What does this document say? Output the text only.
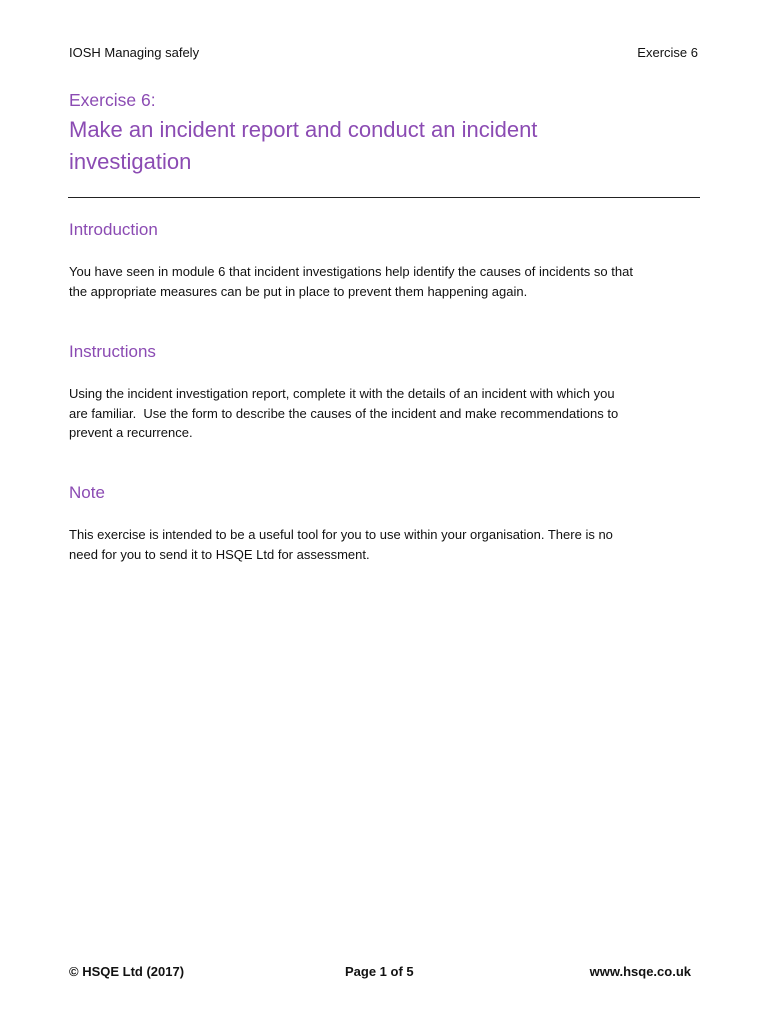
IOSH Managing safely	Exercise 6
Exercise 6:
Make an incident report and conduct an incident investigation
Introduction

You have seen in module 6 that incident investigations help identify the causes of incidents so that
the appropriate measures can be put in place to prevent them happening again.

Instructions

Using the incident investigation report, complete it with the details of an incident with which you
are familiar.  Use the form to describe the causes of the incident and make recommendations to
prevent a recurrence.

Note

This exercise is intended to be a useful tool for you to use within your organisation. There is no
need for you to send it to HSQE Ltd for assessment.

© HSQE Ltd (2017)	Page 1 of 5	www.hsqe.co.uk
